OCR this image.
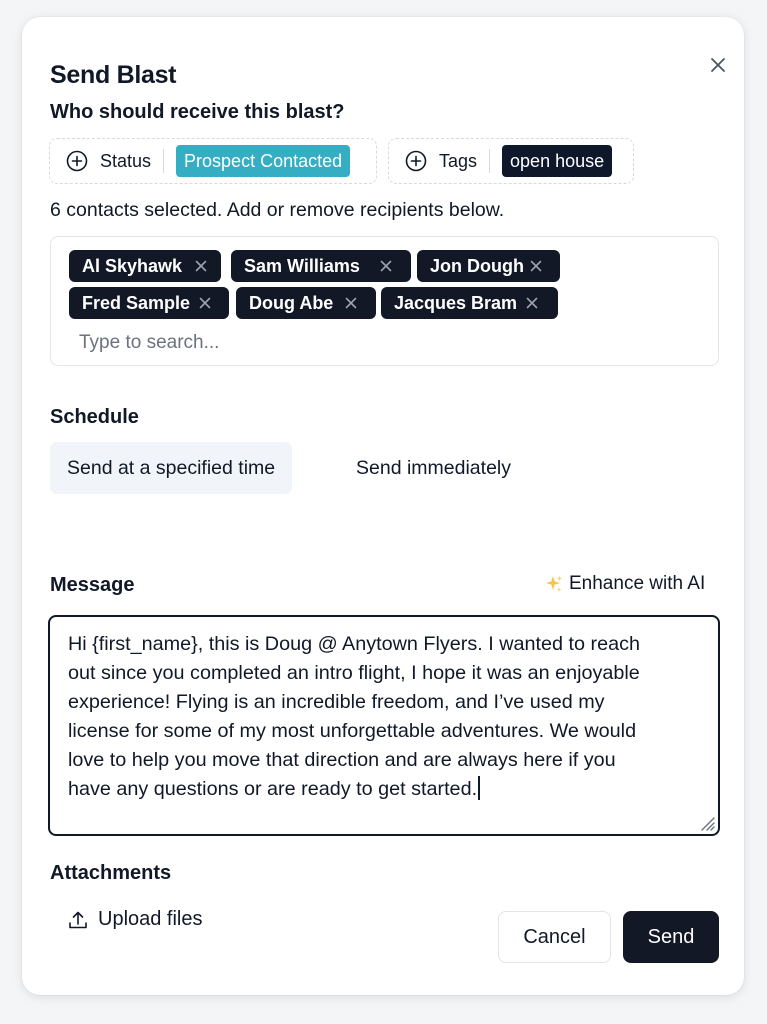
Send Blast
Who should receive this blast?
Status	Prospect Contacted	Tags	open house
6 contacts selected. Add or remove recipients below.
Al Skyhawk	Sam Williams	Jon Dough
Fred Sample	Doug Abe	Jacques Bram
Type to search...
Schedule
Send at a specified time	Send immediately
Message	Enhance with AI
Hi {first_name}, this is Doug @ Anytown Flyers. I wanted to reach
out since you completed an intro flight, I hope it was an enjoyable
experience! Flying is an incredible freedom, and I’ve used my
license for some of my most unforgettable adventures. We would
love to help you move that direction and are always here if you
have any questions or are ready to get started.
Attachments
Upload files
Cancel	Send
